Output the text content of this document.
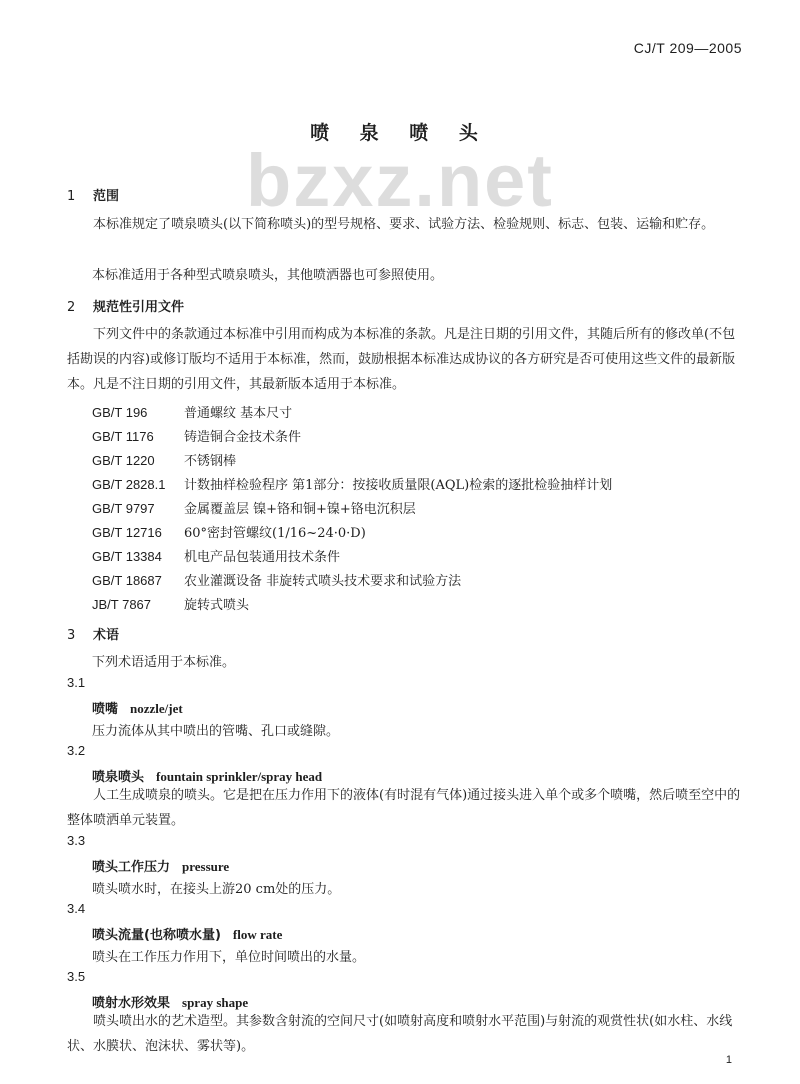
CJ/T 209—2005
bzxz.net
喷 泉 喷 头
1 范围
本标准规定了喷泉喷头(以下简称喷头)的型号规格、要求、试验方法、检验规则、标志、包装、运输和贮存。
本标准适用于各种型式喷泉喷头，其他喷洒器也可参照使用。
2 规范性引用文件
下列文件中的条款通过本标准中引用而构成为本标准的条款。凡是注日期的引用文件，其随后所有的修改单(不包括勘误的内容)或修订版均不适用于本标准，然而，鼓励根据本标准达成协议的各方研究是否可使用这些文件的最新版本。凡是不注日期的引用文件，其最新版本适用于本标准。
GB/T 196	普通螺纹 基本尺寸
GB/T 1176 铸造铜合金技术条件
GB/T 1220 不锈钢棒
GB/T 2828.1 计数抽样检验程序 第1部分：按接收质量限(AQL)检索的逐批检验抽样计划
GB/T 9797 金属覆盖层 镍+铬和铜+镍+铬电沉积层
GB/T 12716 60°密封管螺纹(1/16~24·0·D)
GB/T 13384 机电产品包装通用技术条件
GB/T 18687 农业灌溉设备 非旋转式喷头技术要求和试验方法
JB/T 7867	旋转式喷头
3 术语
下列术语适用于本标准。
3.1
喷嘴 nozzle/jet
压力流体从其中喷出的管嘴、孔口或缝隙。
3.2
喷泉喷头 fountain sprinkler/spray head
人工生成喷泉的喷头。它是把在压力作用下的液体(有时混有气体)通过接头进入单个或多个喷嘴，然后喷至空中的整体喷洒单元装置。
3.3
喷头工作压力 pressure
喷头喷水时，在接头上游20 cm处的压力。
3.4
喷头流量(也称喷水量) flow rate
喷头在工作压力作用下，单位时间喷出的水量。
3.5
喷射水形效果 spray shape
喷头喷出水的艺术造型。其参数含射流的空间尺寸(如喷射高度和喷射水平范围)与射流的观赏性状(如水柱、水线状、水膜状、泡沫状、雾状等)。
1
